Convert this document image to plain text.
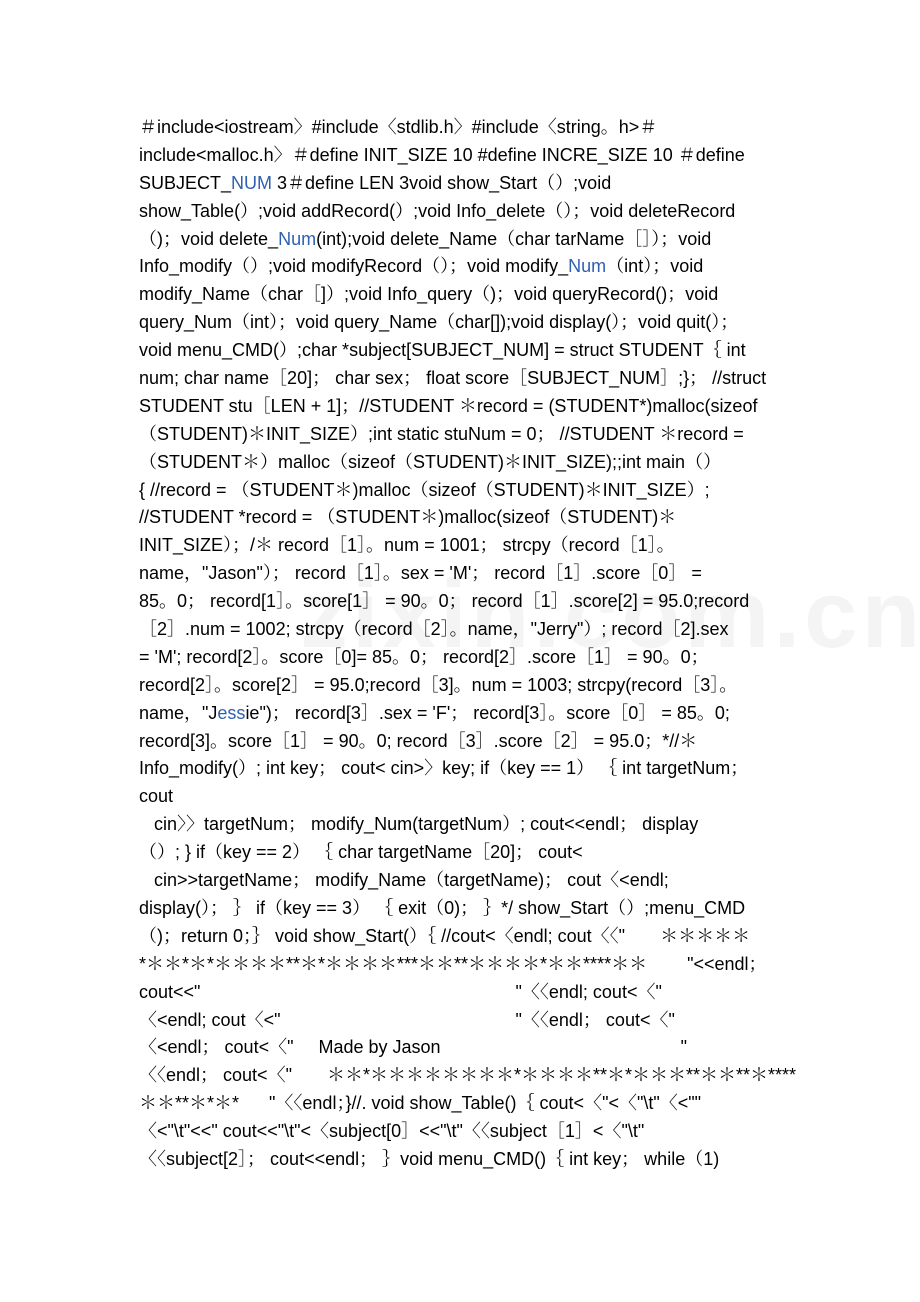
＃include<iostream〉#include〈stdlib.h〉#include〈string。h>＃
include<malloc.h〉＃define INIT_SIZE 10 #define INCRE_SIZE 10 ＃define
SUBJECT_NUM 3＃define LEN 3void show_Start（）;void
show_Table(）;void addRecord(）;void Info_delete（）；void deleteRecord
（)；void delete_Num(int);void delete_Name（char tarName［］）；void
Info_modify（）;void modifyRecord（）；void modify_Num（int）；void
modify_Name（char［]）;void Info_query（)；void queryRecord()；void
query_Num（int）；void query_Name（char[]);void display(）；void quit(）；
void menu_CMD(）;char *subject[SUBJECT_NUM] = struct STUDENT｛ int
num; char name［20]； char sex； float score［SUBJECT_NUM］;}； //struct
STUDENT stu［LEN + 1]；//STUDENT ＊record = (STUDENT*)malloc(sizeof
（STUDENT)＊INIT_SIZE）;int static stuNum = 0； //STUDENT ＊record =
（STUDENT＊）malloc（sizeof（STUDENT)＊INIT_SIZE);;int main（）
{ //record = （STUDENT＊)malloc（sizeof（STUDENT)＊INIT_SIZE）;
//STUDENT *record = （STUDENT＊)malloc(sizeof（STUDENT)＊
INIT_SIZE）；/＊ record［1］。num = 1001； strcpy（record［1］。
name，"Jason"）； record［1］。sex = 'M'； record［1］.score［0］ =
85。0； record[1］。score[1］ = 90。0； record［1］.score[2] = 95.0;record
［2］.num = 1002; strcpy（record［2］。name，"Jerry"）; record［2].sex
= 'M'; record[2］。score［0]= 85。0； record[2］.score［1］ = 90。0；
record[2］。score[2］ = 95.0;record［3]。num = 1003; strcpy(record［3］。
name，"Jessie")； record[3］.sex = 'F'； record[3］。score［0］ = 85。0;
record[3]。score［1］ = 90。0; record［3］.score［2］ = 95.0；*//＊
Info_modify(）; int key； cout< cin>〉key; if（key == 1） ｛ int targetNum；
cout
cin〉〉targetNum； modify_Num(targetNum）; cout<<endl； display
（）; } if（key == 2） ｛ char targetName［20]； cout<
cin>>targetName； modify_Name（targetName)； cout〈<endl;
display(）； ｝ if（key == 3） ｛ exit（0)； ｝*/ show_Start（）;menu_CMD
（)；return 0；｝ void show_Start(）｛ //cout<〈endl; cout〈〈"       ＊＊＊＊＊
*＊＊*＊*＊＊＊＊**＊*＊＊＊＊***＊＊**＊＊＊＊*＊＊****＊＊        "<<endl；
cout<<"                                                               "〈〈endl; cout<〈"
〈<endl; cout〈<"                                               "〈〈endl； cout<〈"
〈<endl； cout<〈"     Made by Jason                                                "
〈〈endl； cout<〈"       ＊＊*＊＊＊＊＊＊＊＊*＊＊＊＊**＊*＊＊＊**＊＊**＊****
＊＊**＊*＊*      "〈〈endl；}//. void show_Table()｛ cout<〈"<〈"\t"〈<""
〈<"\t"<<" cout<<"\t"<〈subject[0］<<"\t"〈〈subject［1］<〈"\t"
〈〈subject[2］； cout<<endl； ｝void menu_CMD()｛ int key； while（1)
